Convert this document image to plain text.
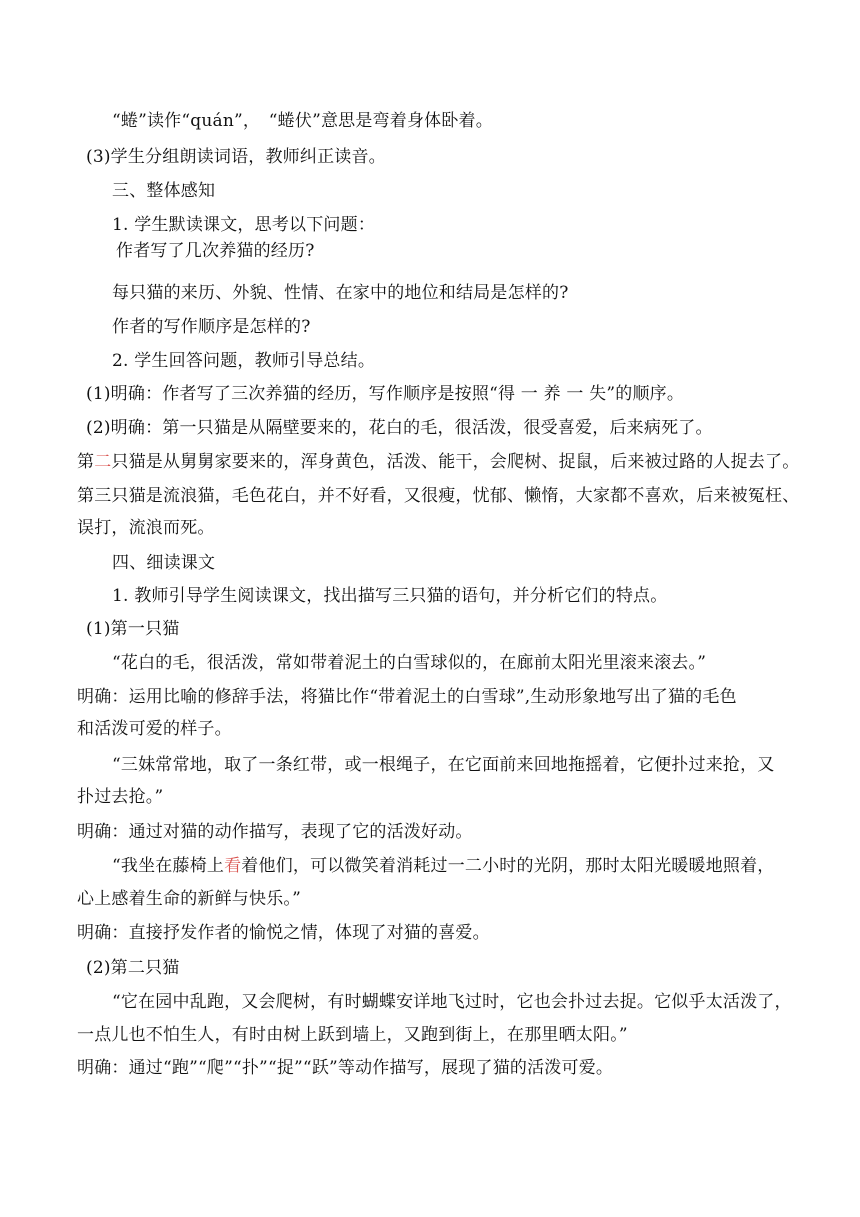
“蜷”读作“quán”，　“蜷伏”意思是弯着身体卧着。
(3)学生分组朗读词语，教师纠正读音。
三、整体感知
1. 学生默读课文，思考以下问题：
作者写了几次养猫的经历?
每只猫的来历、外貌、性情、在家中的地位和结局是怎样的?
作者的写作顺序是怎样的?
2. 学生回答问题，教师引导总结。
(1)明确：作者写了三次养猫的经历，写作顺序是按照“得 一 养 一 失”的顺序。
(2)明确：第一只猫是从隔壁要来的，花白的毛，很活泼，很受喜爱，后来病死了。
第二只猫是从舅舅家要来的，浑身黄色，活泼、能干，会爬树、捉鼠，后来被过路的人捉去了。
第三只猫是流浪猫，毛色花白，并不好看，又很瘦，忧郁、懒惰，大家都不喜欢，后来被冤枉、
误打，流浪而死。
四、细读课文
1. 教师引导学生阅读课文，找出描写三只猫的语句，并分析它们的特点。
(1)第一只猫
“花白的毛，很活泼，常如带着泥土的白雪球似的，在廊前太阳光里滚来滚去。”
明确：运用比喻的修辞手法，将猫比作“带着泥土的白雪球”,生动形象地写出了猫的毛色
和活泼可爱的样子。
“三妹常常地，取了一条红带，或一根绳子，在它面前来回地拖摇着，它便扑过来抢，又
扑过去抢。”
明确：通过对猫的动作描写，表现了它的活泼好动。
“我坐在藤椅上看着他们，可以微笑着消耗过一二小时的光阴，那时太阳光暖暖地照着，
心上感着生命的新鲜与快乐。”
明确：直接抒发作者的愉悦之情，体现了对猫的喜爱。
(2)第二只猫
“它在园中乱跑，又会爬树，有时蝴蝶安详地飞过时，它也会扑过去捉。它似乎太活泼了，
一点儿也不怕生人，有时由树上跃到墙上，又跑到街上，在那里晒太阳。”
明确：通过“跑”“爬”“扑”“捉”“跃”等动作描写，展现了猫的活泼可爱。
